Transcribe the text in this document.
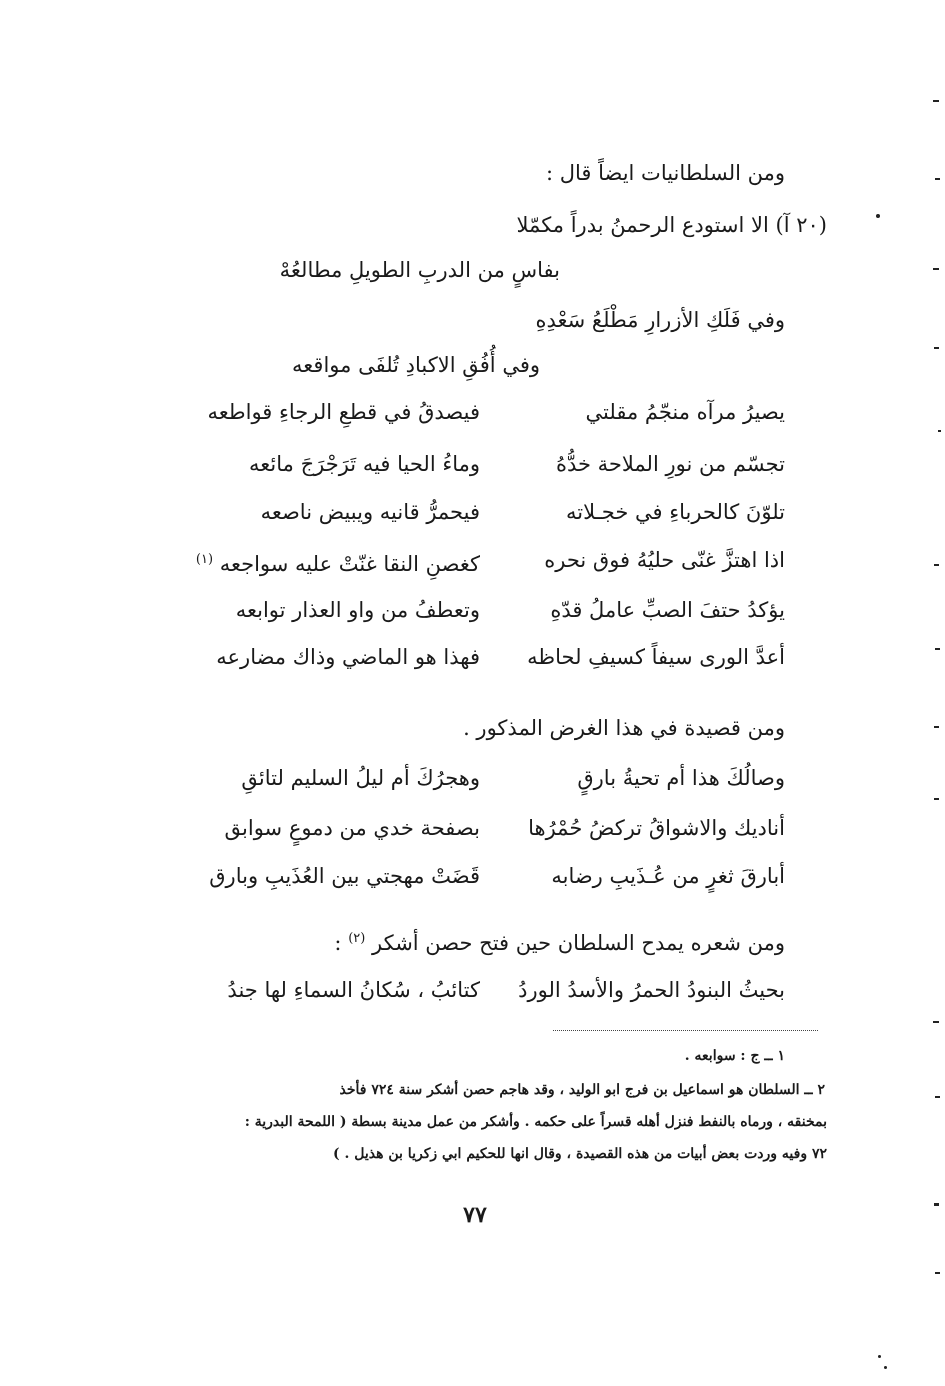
ومن السلطانيات ايضاً قال :
(٢٠ آ) الا استودع الرحمنُ بدراً مكمّلا
بفاسٍ من الدربِ الطويلِ مطالعُهْ
وفي فَلَكِ الأزرارِ مَطْلَعُ سَعْدِهِ
وفي أُفُقِ الاكبادِ تُلفَى مواقعه
يصيرُ مرآه منجّمُ مقلتي
فيصدقُ في قطعِ الرجاءِ قواطعه
تجسّم من نورِ الملاحة خدُّهُ
وماءُ الحيا فيه تَرَجْرَجَ مائعه
تلوّنَ كالحرباءِ في خجـلاته
فيحمرُّ قانيه ويبيض ناصعه
اذا اهتزَّ غنّى حليُهُ فوق نحره
كغصنِ النقا غنّتْ عليه سواجعه $^{(١)}$
يؤكدُ حتفَ الصبِّ عاملُ قدّهِ
وتعطفُ من واو العذار توابعه
أعدَّ الورى سيفاً كسيفِ لحاظه
فهذا هو الماضي وذاك مضارعه
ومن قصيدة في هذا الغرض المذكور .
وصالُكَ هذا أم تحيةُ بارقٍ
وهجرُكَ أم ليلُ السليم لتائقِ
أناديك والاشواقُ تركضُ حُمْرُها
بصفحة خدي من دموعٍ سوابق
أبارقَ ثغرٍ من عُـذَيبِ رضابه
قَضَتْ مهجتي بين العُذَيبِ وبارق
ومن شعره يمدح السلطان حين فتح حصن أشكر $^{(٢)}$ :
بحيثُ البنودُ الحمرُ والأسدُ الوردُ
كتائبُ ، سُكانُ السماءِ لها جندُ
١ ــ ج : سوابعه .
٢ ــ السلطان هو اسماعيل بن فرج ابو الوليد ، وقد هاجم حصن أشكر سنة ٧٢٤ فأخذ
بمخنقه ، ورماه بالنفط فنزل أهله قسراً على حكمه . وأشكر من عمل مدينة بسطة ( اللمحة البدرية :
٧٢ وفيه وردت بعض أبيات من هذه القصيدة ، وقال انها للحكيم ابي زكريا بن هذيل . )
٧٧
